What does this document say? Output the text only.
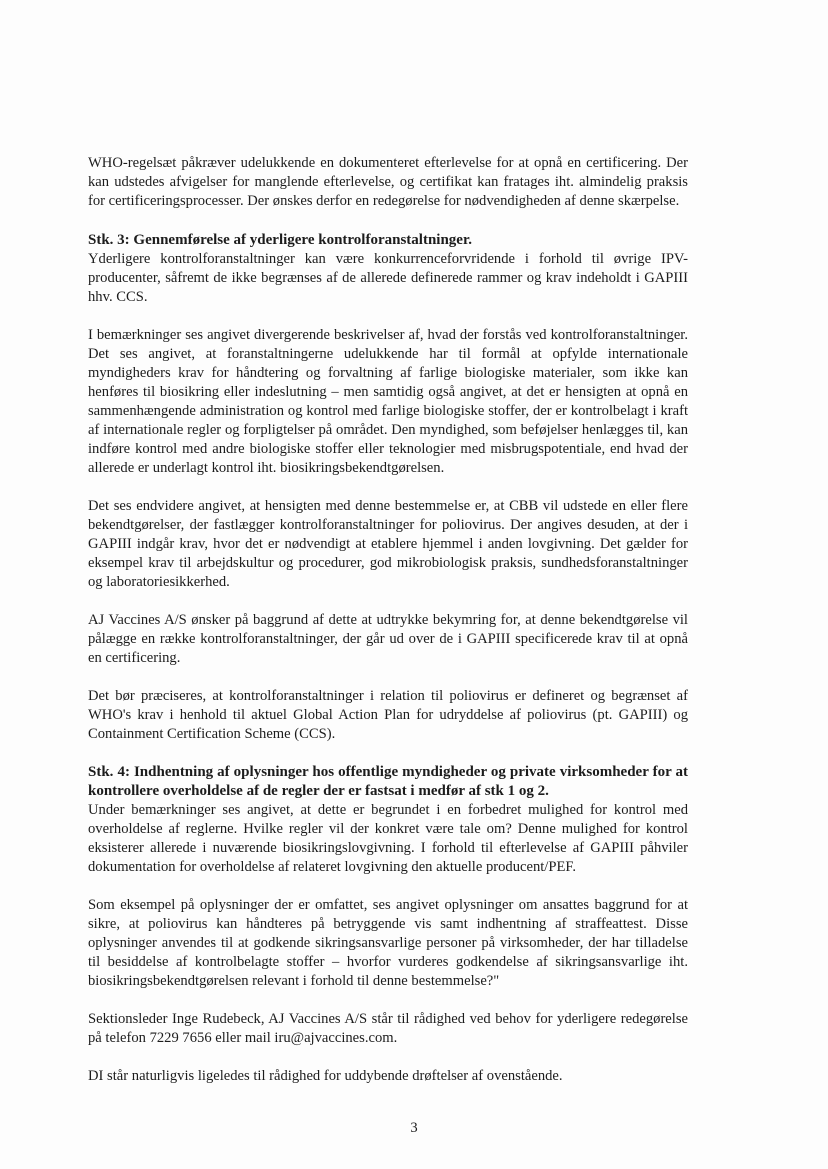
WHO-regelsæt påkræver udelukkende en dokumenteret efterlevelse for at opnå en certificering. Der kan udstedes afvigelser for manglende efterlevelse, og certifikat kan fratages iht. almindelig praksis for certificeringsprocesser. Der ønskes derfor en redegørelse for nødvendigheden af denne skærpelse.

Stk. 3: Gennemførelse af yderligere kontrolforanstaltninger.

Yderligere kontrolforanstaltninger kan være konkurrenceforvridende i forhold til øvrige IPV-producenter, såfremt de ikke begrænses af de allerede definerede rammer og krav indeholdt i GAPIII hhv. CCS.

I bemærkninger ses angivet divergerende beskrivelser af, hvad der forstås ved kontrolforanstaltninger. Det ses angivet, at foranstaltningerne udelukkende har til formål at opfylde internationale myndigheders krav for håndtering og forvaltning af farlige biologiske materialer, som ikke kan henføres til biosikring eller indeslutning – men samtidig også angivet, at det er hensigten at opnå en sammenhængende administration og kontrol med farlige biologiske stoffer, der er kontrolbelagt i kraft af internationale regler og forpligtelser på området. Den myndighed, som beføjelser henlægges til, kan indføre kontrol med andre biologiske stoffer eller teknologier med misbrugspotentiale, end hvad der allerede er underlagt kontrol iht. biosikringsbekendtgørelsen.

Det ses endvidere angivet, at hensigten med denne bestemmelse er, at CBB vil udstede en eller flere bekendtgørelser, der fastlægger kontrolforanstaltninger for poliovirus. Der angives desuden, at der i GAPIII indgår krav, hvor det er nødvendigt at etablere hjemmel i anden lovgivning. Det gælder for eksempel krav til arbejdskultur og procedurer, god mikrobiologisk praksis, sundhedsforanstaltninger og laboratoriesikkerhed.

AJ Vaccines A/S ønsker på baggrund af dette at udtrykke bekymring for, at denne bekendtgørelse vil pålægge en række kontrolforanstaltninger, der går ud over de i GAPIII specificerede krav til at opnå en certificering.

Det bør præciseres, at kontrolforanstaltninger i relation til poliovirus er defineret og begrænset af WHO's krav i henhold til aktuel Global Action Plan for udryddelse af poliovirus (pt. GAPIII) og Containment Certification Scheme (CCS).

Stk. 4: Indhentning af oplysninger hos offentlige myndigheder og private virksomheder for at kontrollere overholdelse af de regler der er fastsat i medfør af stk 1 og 2.

Under bemærkninger ses angivet, at dette er begrundet i en forbedret mulighed for kontrol med overholdelse af reglerne. Hvilke regler vil der konkret være tale om? Denne mulighed for kontrol eksisterer allerede i nuværende biosikringslovgivning. I forhold til efterlevelse af GAPIII påhviler dokumentation for overholdelse af relateret lovgivning den aktuelle producent/PEF.

Som eksempel på oplysninger der er omfattet, ses angivet oplysninger om ansattes baggrund for at sikre, at poliovirus kan håndteres på betryggende vis samt indhentning af straffeattest. Disse oplysninger anvendes til at godkende sikringsansvarlige personer på virksomheder, der har tilladelse til besiddelse af kontrolbelagte stoffer – hvorfor vurderes godkendelse af sikringsansvarlige iht. biosikringsbekendtgørelsen relevant i forhold til denne bestemmelse?"

Sektionsleder Inge Rudebeck, AJ Vaccines A/S står til rådighed ved behov for yderligere redegørelse på telefon 7229 7656 eller mail iru@ajvaccines.com.

DI står naturligvis ligeledes til rådighed for uddybende drøftelser af ovenstående.

3
